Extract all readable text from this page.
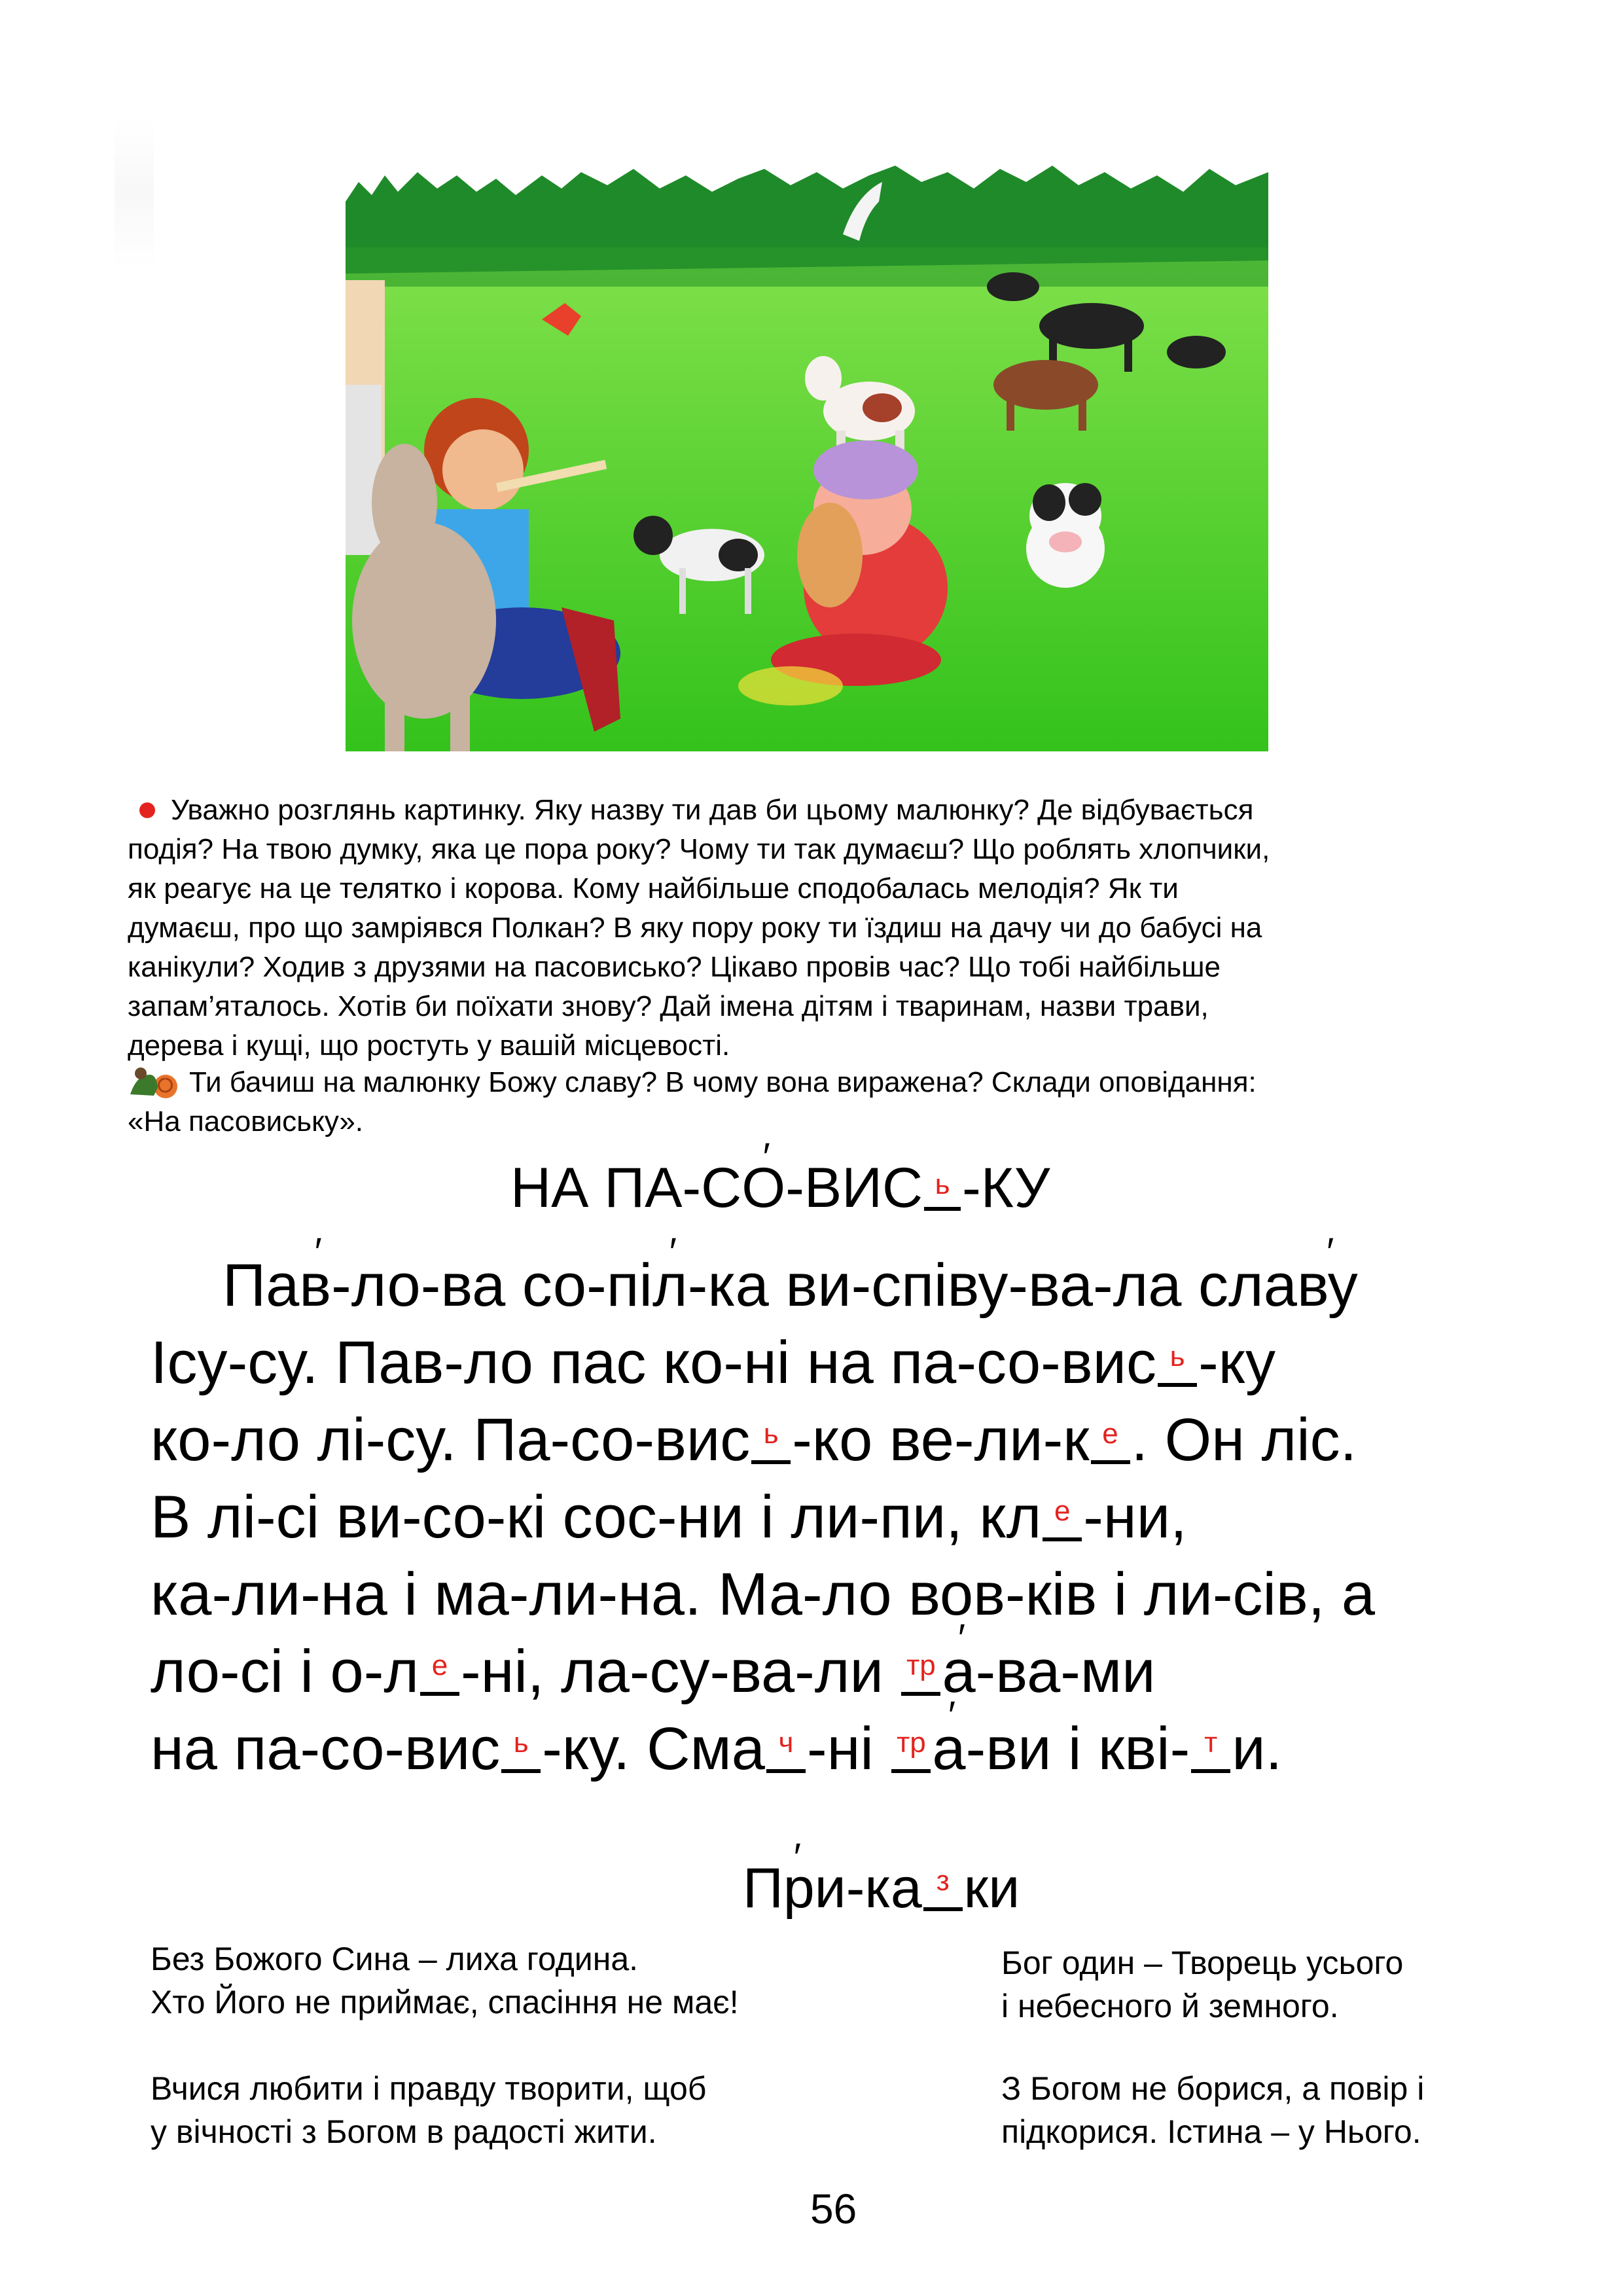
Уважно розглянь картинку. Яку назву ти дав би цьому малюнку? Де відбувається

подія? На твою думку, яка це пора року? Чому ти так думаєш? Що роблять хлопчики,

як реагує на це телятко і корова. Кому найбільше сподобалась мелодія? Як ти

думаєш, про що замріявся Полкан? В яку пору року ти їздиш на дачу чи до бабусі на

канікули? Ходив з друзями на пасовисько? Цікаво провів час? Що тобі найбільше

запам’яталось. Хотів би поїхати знову? Дай імена дітям і тваринам, назви трави,

дерева і кущі, що ростуть у вашій місцевості.

Ти бачиш на малюнку Божу славу? В чому вона виражена? Склади оповідання:

«На пасовиську».

НА ПА-СО ′-ВИС ь -КУ
Пав ′-ло-ва со-піл ′-ка ви-співу-ва-ла славу ′
Ісу-су. Пав-ло пас ко-ні на па-со-вис ь -ку
ко-ло лі-су. Па-со-вис ь -ко ве-ли-к е . Он ліс.
В лі-сі ви-со-кі сос-ни і ли-пи, кл е -ни,
ка-ли-на і ма-ли-на. Ма-ло вов-ків і ли-сів, а
ло-сі і о-л е -ні, ла-су-ва-ли тр а ′-ва-ми
на па-со-вис ь -ку. Сма ч -ні тр а ′-ви і кві- т и.
При ′-ка з ки

Без Божого Сина – лиха година.

Хто Його не приймає, спасіння не має!

Бог один – Творець усього

і небесного й земного.

Вчися любити і правду творити, щоб

у вічності з Богом в радості жити.

З Богом не борися, а повір і

підкорися. Істина – у Нього.

56
